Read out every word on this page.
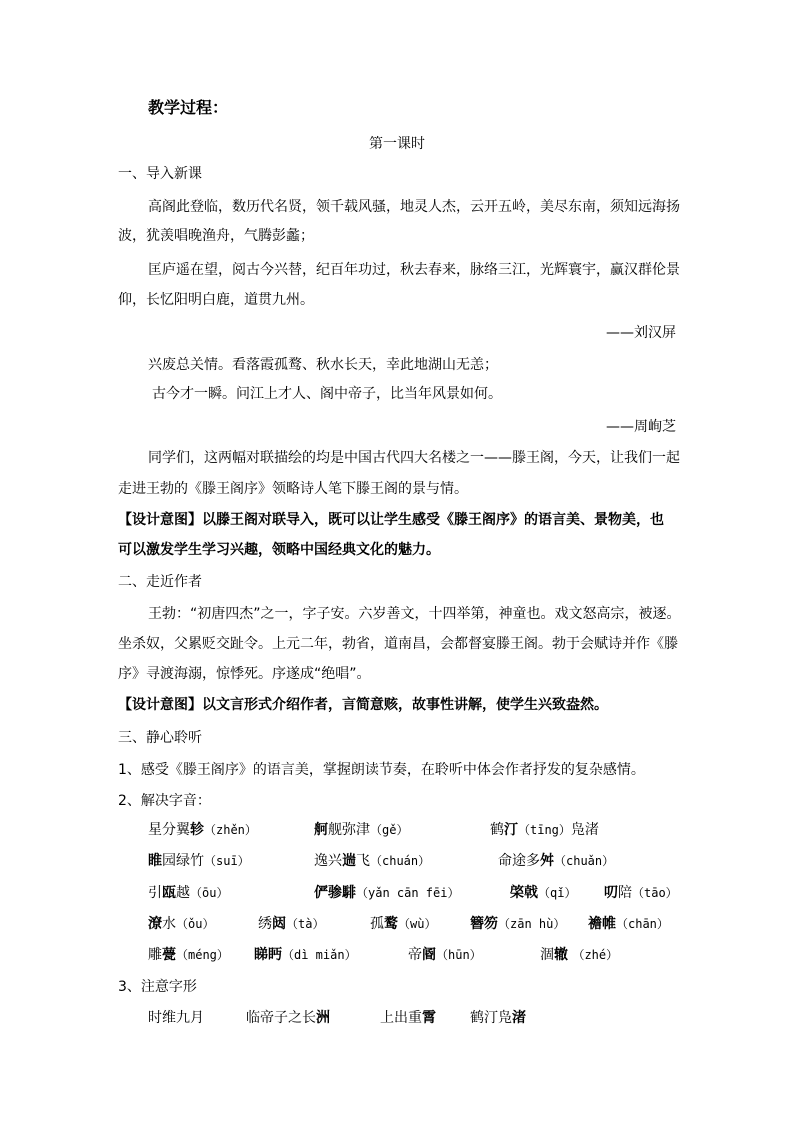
教学过程：
第一课时
一、导入新课
高阁此登临，数历代名贤，领千载风骚，地灵人杰，云开五岭，美尽东南，须知远海扬
波，犹羡唱晚渔舟，气腾彭蠡；
匡庐遥在望，阅古今兴替，纪百年功过，秋去春来，脉络三江，光辉寰宇，赢汉群伦景
仰，长忆阳明白鹿，道贯九州。
——刘汉屏
兴废总关情。看落霞孤鹜、秋水长天，幸此地湖山无恙；
古今才一瞬。问江上才人、阁中帝子，比当年风景如何。
——周峋芝
同学们，这两幅对联描绘的均是中国古代四大名楼之一——滕王阁，今天，让我们一起
走进王勃的《滕王阁序》领略诗人笔下滕王阁的景与情。
【设计意图】以滕王阁对联导入，既可以让学生感受《滕王阁序》的语言美、景物美，也
可以激发学生学习兴趣，领略中国经典文化的魅力。
二、走近作者
王勃：“初唐四杰”之一，字子安。六岁善文，十四举第，神童也。戏文怒高宗，被逐。
坐杀奴，父累贬交趾令。上元二年，勃省，道南昌，会都督宴滕王阁。勃于会赋诗并作《滕
序》寻渡海溺，惊悸死。序遂成“绝唱”。
【设计意图】以文言形式介绍作者，言简意赅，故事性讲解，使学生兴致盎然。
三、静心聆听
1、感受《滕王阁序》的语言美，掌握朗读节奏，在聆听中体会作者抒发的复杂感情。
2、解决字音：
星分翼轸（zhěn）	舸舰弥津（gě）	鹤汀（tīng）凫渚
睢园绿竹（suī）	逸兴遄飞（chuán）	命途多舛（chuǎn）
引瓯越（ōu）	俨骖騑（yǎn cān fēi）	棨戟（qǐ） 叨陪（tāo）
潦水（ǒu）	绣闼（tà）	孤鹜（wù） 簪笏（zān hù） 襜帷（chān）
雕甍（méng） 睇眄（dì miǎn）	帝阍（hūn）	涸辙 （zhé）
3、注意字形
时维九月	临帝子之长洲	上出重霄 鹤汀凫渚
